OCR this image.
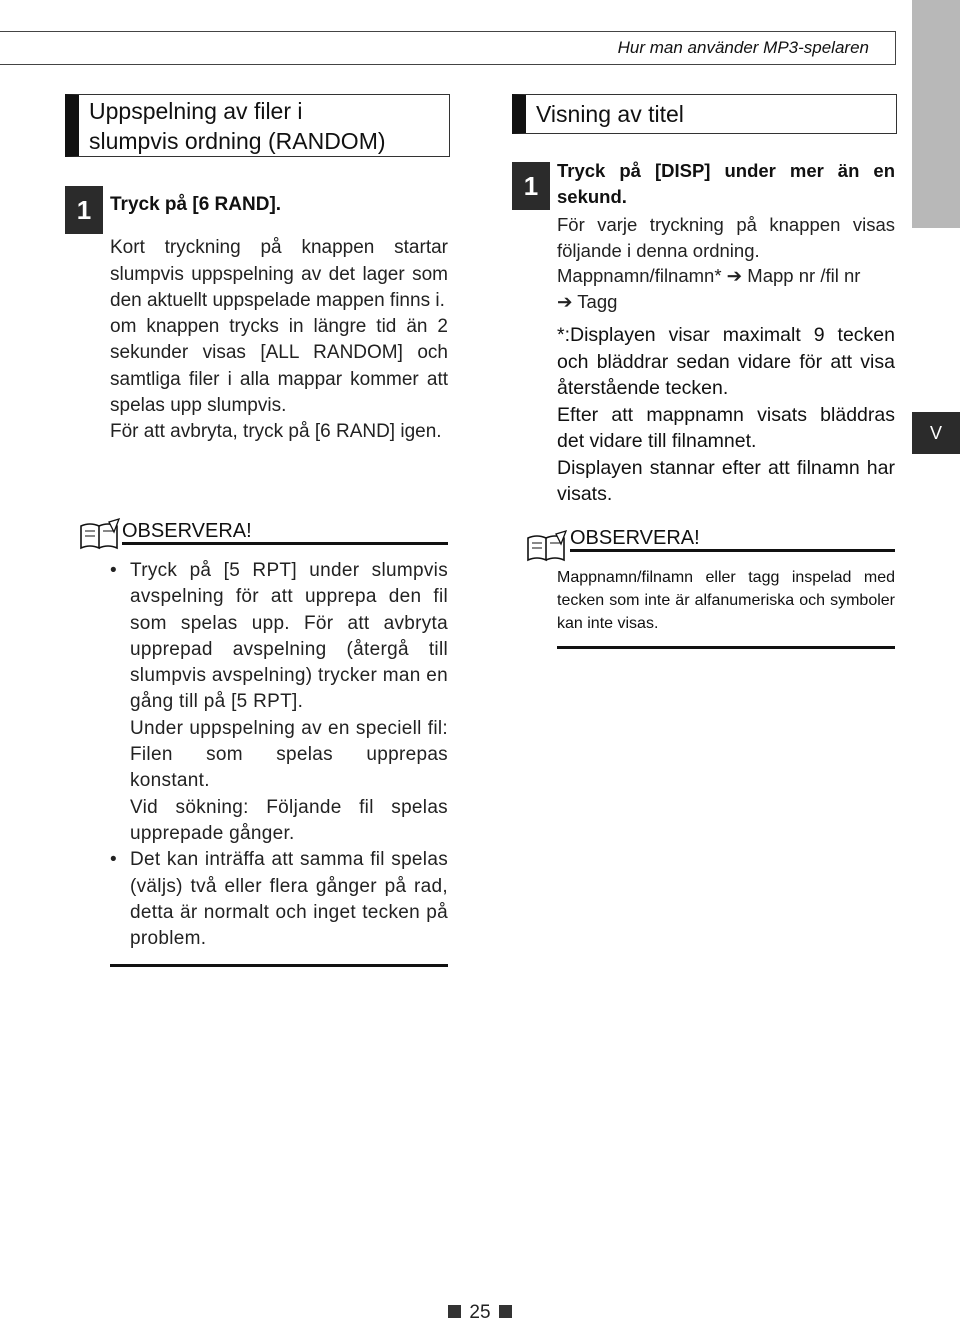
Hur man använder MP3-spelaren
V
Uppspelning av filer i
slumpvis ordning (RANDOM)
1 Tryck på [6 RAND].

Kort tryckning på knappen startar slumpvis uppspelning av det lager som den aktuellt uppspelade mappen finns i.

om knappen trycks in längre tid än 2 sekunder visas [ALL RANDOM] och samtliga filer i alla mappar kommer att spelas upp slumpvis.

För att avbryta, tryck på [6 RAND] igen.

OBSERVERA!
• Tryck på [5 RPT] under slumpvis avspelning för att upprepa den fil som spelas upp. För att avbryta upprepad avspelning (återgå till slumpvis avspelning) trycker man en gång till på [5 RPT].

Under uppspelning av en speciell fil: Filen som spelas upprepas konstant.

Vid sökning: Följande fil spelas upprepade gånger.

• Det kan inträffa att samma fil spelas (väljs) två eller flera gånger på rad, detta är normalt och inget tecken på problem.

Visning av titel
1

Tryck på [DISP] under mer än en sekund.

För varje tryckning på knappen visas följande i denna ordning.

Mappnamn/filnamn* ➔ Mapp nr /fil nr

➔ Tagg

*:Displayen visar maximalt 9 tecken och bläddrar sedan vidare för att visa återstående tecken.

Efter att mappnamn visats bläddras det vidare till filnamnet.

Displayen stannar efter att filnamn har visats.

OBSERVERA!

Mappnamn/filnamn eller tagg inspelad med tecken som inte är alfanumeriska och symboler kan inte visas.

25
